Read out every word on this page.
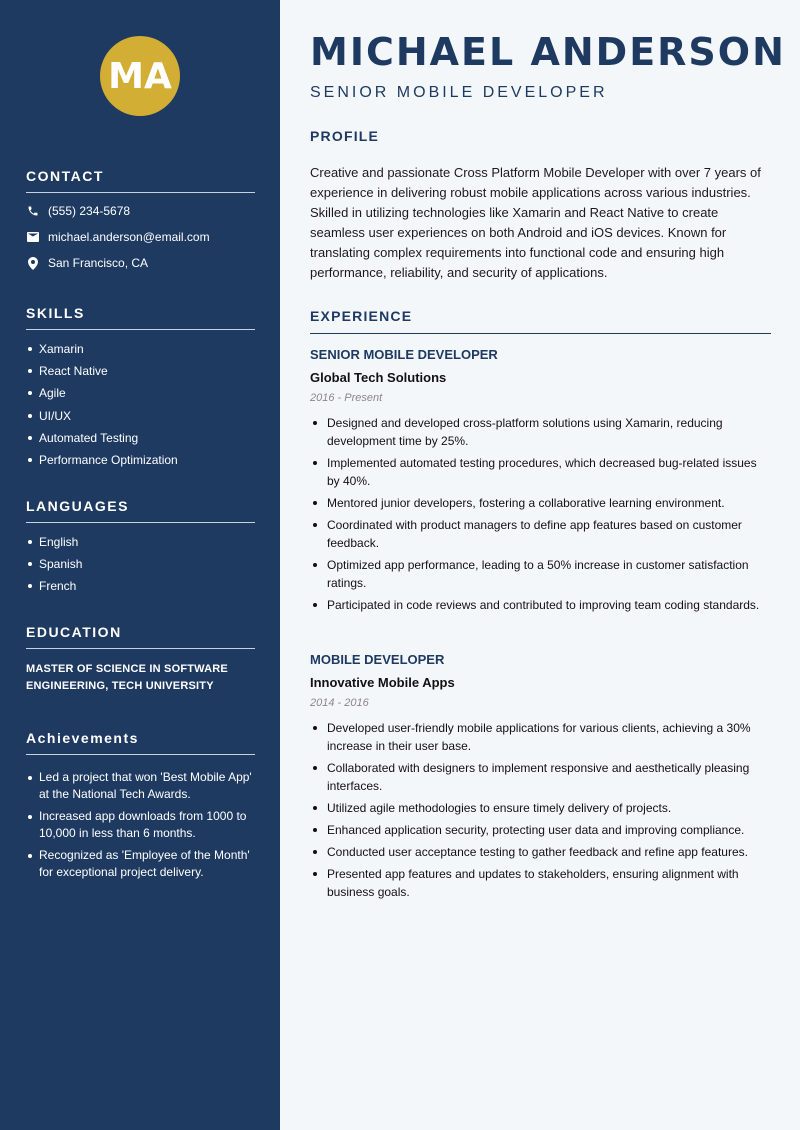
MA
CONTACT
(555) 234-5678
michael.anderson@email.com
San Francisco, CA
SKILLS
Xamarin
React Native
Agile
UI/UX
Automated Testing
Performance Optimization
LANGUAGES
English
Spanish
French
EDUCATION
MASTER OF SCIENCE IN SOFTWARE ENGINEERING, TECH UNIVERSITY
Achievements
Led a project that won 'Best Mobile App' at the National Tech Awards.
Increased app downloads from 1000 to 10,000 in less than 6 months.
Recognized as 'Employee of the Month' for exceptional project delivery.
MICHAEL ANDERSON
SENIOR MOBILE DEVELOPER
PROFILE
Creative and passionate Cross Platform Mobile Developer with over 7 years of experience in delivering robust mobile applications across various industries. Skilled in utilizing technologies like Xamarin and React Native to create seamless user experiences on both Android and iOS devices. Known for translating complex requirements into functional code and ensuring high performance, reliability, and security of applications.
EXPERIENCE
SENIOR MOBILE DEVELOPER
Global Tech Solutions
2016 - Present
Designed and developed cross-platform solutions using Xamarin, reducing development time by 25%.
Implemented automated testing procedures, which decreased bug-related issues by 40%.
Mentored junior developers, fostering a collaborative learning environment.
Coordinated with product managers to define app features based on customer feedback.
Optimized app performance, leading to a 50% increase in customer satisfaction ratings.
Participated in code reviews and contributed to improving team coding standards.
MOBILE DEVELOPER
Innovative Mobile Apps
2014 - 2016
Developed user-friendly mobile applications for various clients, achieving a 30% increase in their user base.
Collaborated with designers to implement responsive and aesthetically pleasing interfaces.
Utilized agile methodologies to ensure timely delivery of projects.
Enhanced application security, protecting user data and improving compliance.
Conducted user acceptance testing to gather feedback and refine app features.
Presented app features and updates to stakeholders, ensuring alignment with business goals.
